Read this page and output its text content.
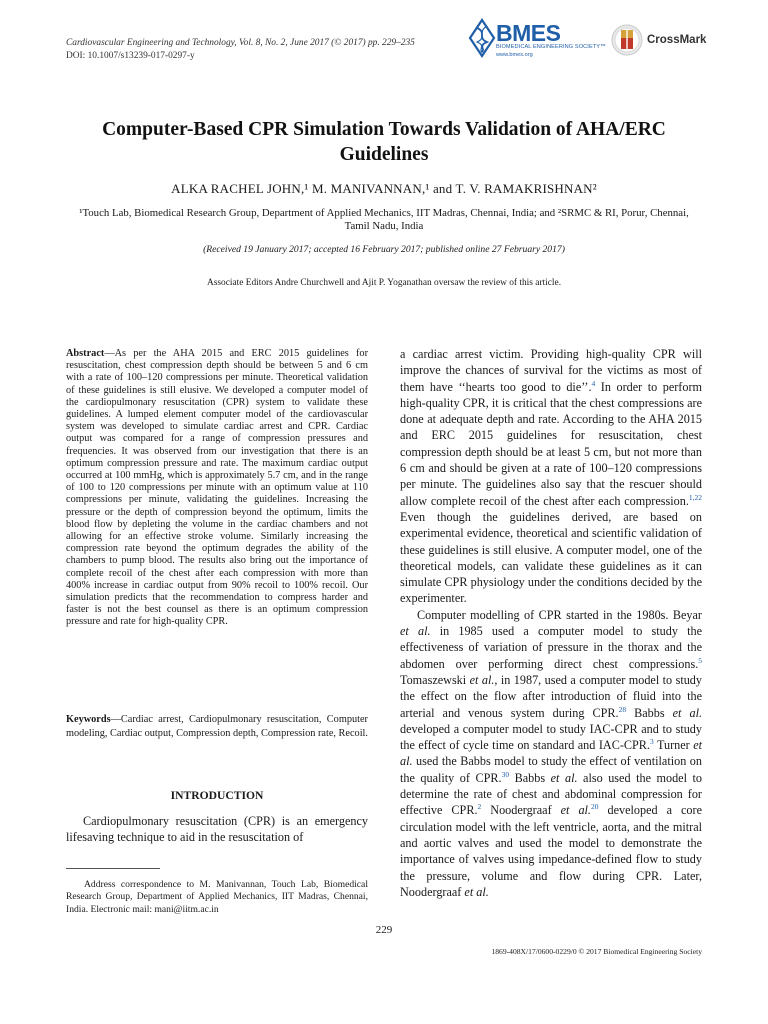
Cardiovascular Engineering and Technology, Vol. 8, No. 2, June 2017 (© 2017) pp. 229–235
DOI: 10.1007/s13239-017-0297-y
BMES
BIOMEDICAL ENGINEERING SOCIETY™
www.bmes.org
CrossMark
Computer-Based CPR Simulation Towards Validation of AHA/ERC Guidelines
ALKA RACHEL JOHN,¹ M. MANIVANNAN,¹ and T. V. RAMAKRISHNAN²
¹Touch Lab, Biomedical Research Group, Department of Applied Mechanics, IIT Madras, Chennai, India; and ²SRMC & RI, Porur, Chennai, Tamil Nadu, India
(Received 19 January 2017; accepted 16 February 2017; published online 27 February 2017)
Associate Editors Andre Churchwell and Ajit P. Yoganathan oversaw the review of this article.
Abstract—As per the AHA 2015 and ERC 2015 guidelines for resuscitation, chest compression depth should be between 5 and 6 cm with a rate of 100–120 compressions per minute. Theoretical validation of these guidelines is still elusive. We developed a computer model of the cardiopulmonary resuscitation (CPR) system to validate these guidelines. A lumped element computer model of the cardiovascular system was developed to simulate cardiac arrest and CPR. Cardiac output was compared for a range of compression pressures and frequencies. It was observed from our investigation that there is an optimum compression pressure and rate. The maximum cardiac output occurred at 100 mmHg, which is approximately 5.7 cm, and in the range of 100 to 120 compressions per minute with an optimum value at 110 compressions per minute, validating the guidelines. Increasing the pressure or the depth of compression beyond the optimum, limits the blood flow by depleting the volume in the cardiac chambers and not allowing for an effective stroke volume. Similarly increasing the compression rate beyond the optimum degrades the ability of the chambers to pump blood. The results also bring out the importance of complete recoil of the chest after each compression with more than 400% increase in cardiac output from 90% recoil to 100% recoil. Our simulation predicts that the recommendation to compress harder and faster is not the best counsel as there is an optimum compression pressure and rate for high-quality CPR.
Keywords—Cardiac arrest, Cardiopulmonary resuscitation, Computer modeling, Cardiac output, Compression depth, Compression rate, Recoil.
INTRODUCTION
Cardiopulmonary resuscitation (CPR) is an emergency lifesaving technique to aid in the resuscitation of
Address correspondence to M. Manivannan, Touch Lab, Biomedical Research Group, Department of Applied Mechanics, IIT Madras, Chennai, India. Electronic mail: mani@iitm.ac.in

a cardiac arrest victim. Providing high-quality CPR will improve the chances of survival for the victims as most of them have ‘‘hearts too good to die’’.$^4$ In order to perform high-quality CPR, it is critical that the chest compressions are done at adequate depth and rate. According to the AHA 2015 and ERC 2015 guidelines for resuscitation, chest compression depth should be at least 5 cm, but not more than 6 cm and should be given at a rate of 100–120 compressions per minute. The guidelines also say that the rescuer should allow complete recoil of the chest after each compression.$^{1,22}$ Even though the guidelines derived, are based on experimental evidence, theoretical and scientific validation of these guidelines is still elusive. A computer model, one of the theoretical models, can validate these guidelines as it can simulate CPR physiology under the conditions decided by the experimenter.

Computer modelling of CPR started in the 1980s. Beyar et al. in 1985 used a computer model to study the effectiveness of variation of pressure in the thorax and the abdomen over performing direct chest compressions.$^5$ Tomaszewski et al., in 1987, used a computer model to study the effect on the flow after introduction of fluid into the arterial and venous system during CPR.$^{28}$ Babbs et al. developed a computer model to study IAC-CPR and to study the effect of cycle time on standard and IAC-CPR.$^3$ Turner et al. used the Babbs model to study the effect of ventilation on the quality of CPR.$^{30}$ Babbs et al. also used the model to determine the rate of chest and abdominal compression for effective CPR.$^2$ Noodergraaf et al.$^{20}$ developed a core circulation model with the left ventricle, aorta, and the mitral and aortic valves and used the model to demonstrate the importance of valves using impedance-defined flow to study the pressure, volume and flow during CPR. Later, Noodergraaf et al.

229
1869-408X/17/0600-0229/0 © 2017 Biomedical Engineering Society
